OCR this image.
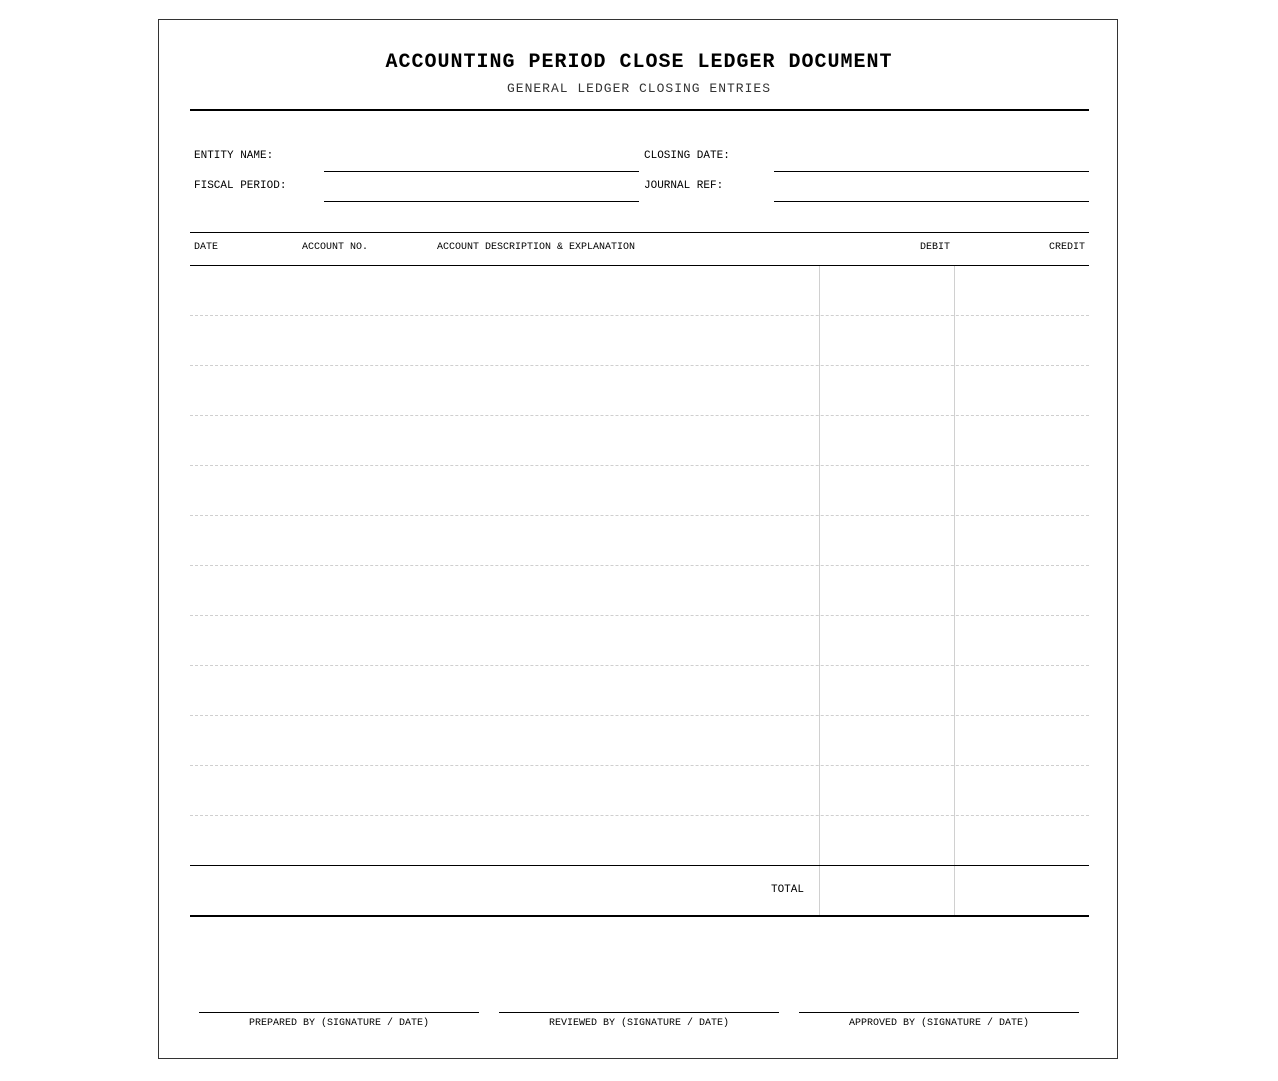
ACCOUNTING PERIOD CLOSE LEDGER DOCUMENT
GENERAL LEDGER CLOSING ENTRIES
ENTITY NAME:	CLOSING DATE:
FISCAL PERIOD:	JOURNAL REF:
DATE	ACCOUNT NO.	ACCOUNT DESCRIPTION & EXPLANATION	DEBIT	CREDIT
TOTAL
PREPARED BY (SIGNATURE / DATE)	REVIEWED BY (SIGNATURE / DATE)	APPROVED BY (SIGNATURE / DATE)
